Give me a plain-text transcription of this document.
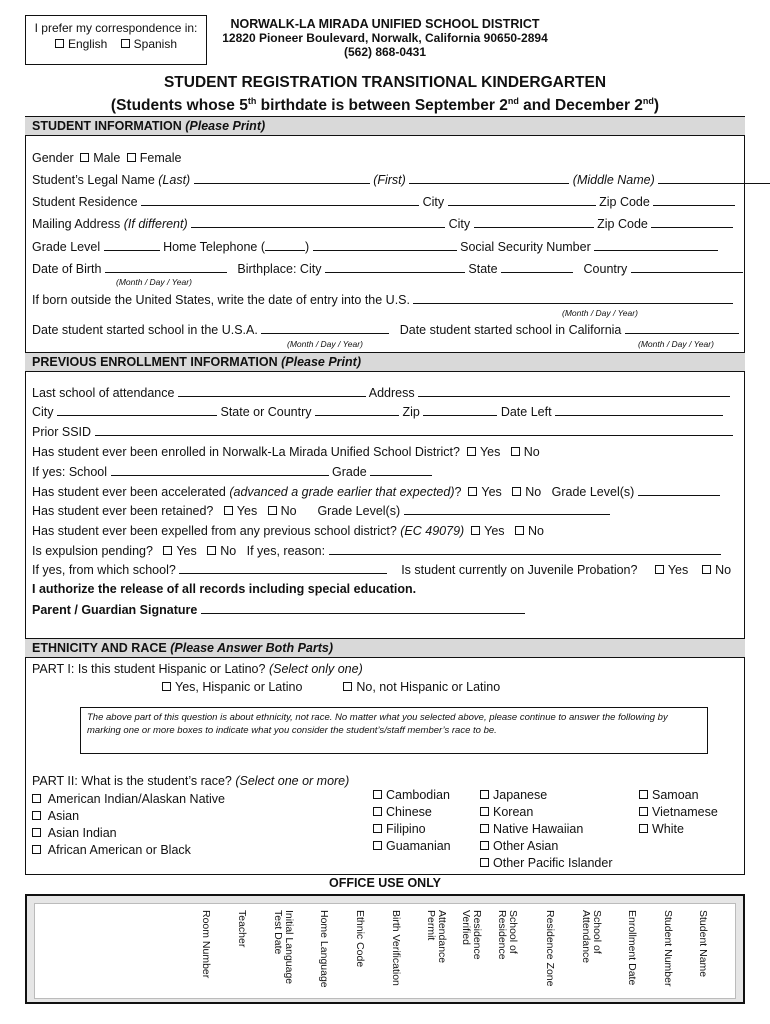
I prefer my correspondence in:
English Spanish
NORWALK-LA MIRADA UNIFIED SCHOOL DISTRICT
12820 Pioneer Boulevard, Norwalk, California 90650-2894
(562) 868-0431
STUDENT REGISTRATION TRANSITIONAL KINDERGARTEN
(Students whose 5th birthdate is between September 2nd and December 2nd)
STUDENT INFORMATION (Please Print)
Gender Male Female
Student’s Legal Name (Last)	(First)	(Middle Name)
Student Residence	City	Zip Code
Mailing Address (If different)	City	Zip Code
Grade Level	Home Telephone (	)	Social Security Number
Date of Birth	Birthplace: City	State	Country
(Month / Day / Year)
If born outside the United States, write the date of entry into the U.S.
(Month / Day / Year)
Date student started school in the U.S.A.	Date student started school in California
(Month / Day / Year)	(Month / Day / Year)
PREVIOUS ENROLLMENT INFORMATION (Please Print)
Last school of attendance	Address
City	State or Country	Zip	Date Left
Prior SSID
Has student ever been enrolled in Norwalk-La Mirada Unified School District? Yes No
If yes: School	Grade
Has student ever been accelerated (advanced a grade earlier that expected)? Yes No Grade Level(s)
Has student ever been retained? Yes No Grade Level(s)
Has student ever been expelled from any previous school district? (EC 49079) Yes No
Is expulsion pending? Yes No If yes, reason:
If yes, from which school?	Is student currently on Juvenile Probation? Yes No
I authorize the release of all records including special education.
Parent / Guardian Signature
ETHNICITY AND RACE (Please Answer Both Parts)
PART I: Is this student Hispanic or Latino? (Select only one)
Yes, Hispanic or Latino	No, not Hispanic or Latino
The above part of this question is about ethnicity, not race. No matter what you selected above, please continue to answer the following by marking one or more boxes to indicate what you consider the student’s/staff member’s race to be.
PART II: What is the student’s race? (Select one or more)
American Indian/Alaskan Native
Asian
Asian Indian
African American or Black
Cambodian
Chinese
Filipino
Guamanian
Japanese
Korean
Native Hawaiian
Other Asian
Other Pacific Islander
Samoan
Vietnamese
White
OFFICE USE ONLY
Student Name
Student Number
Enrollment Date
School of
Attendance
Residence Zone
School of
Residence
Residence Verified
Attendance Permit
Birth Verification
Ethnic Code
Home Language
Initial Language
Test Date
Teacher
Room Number
